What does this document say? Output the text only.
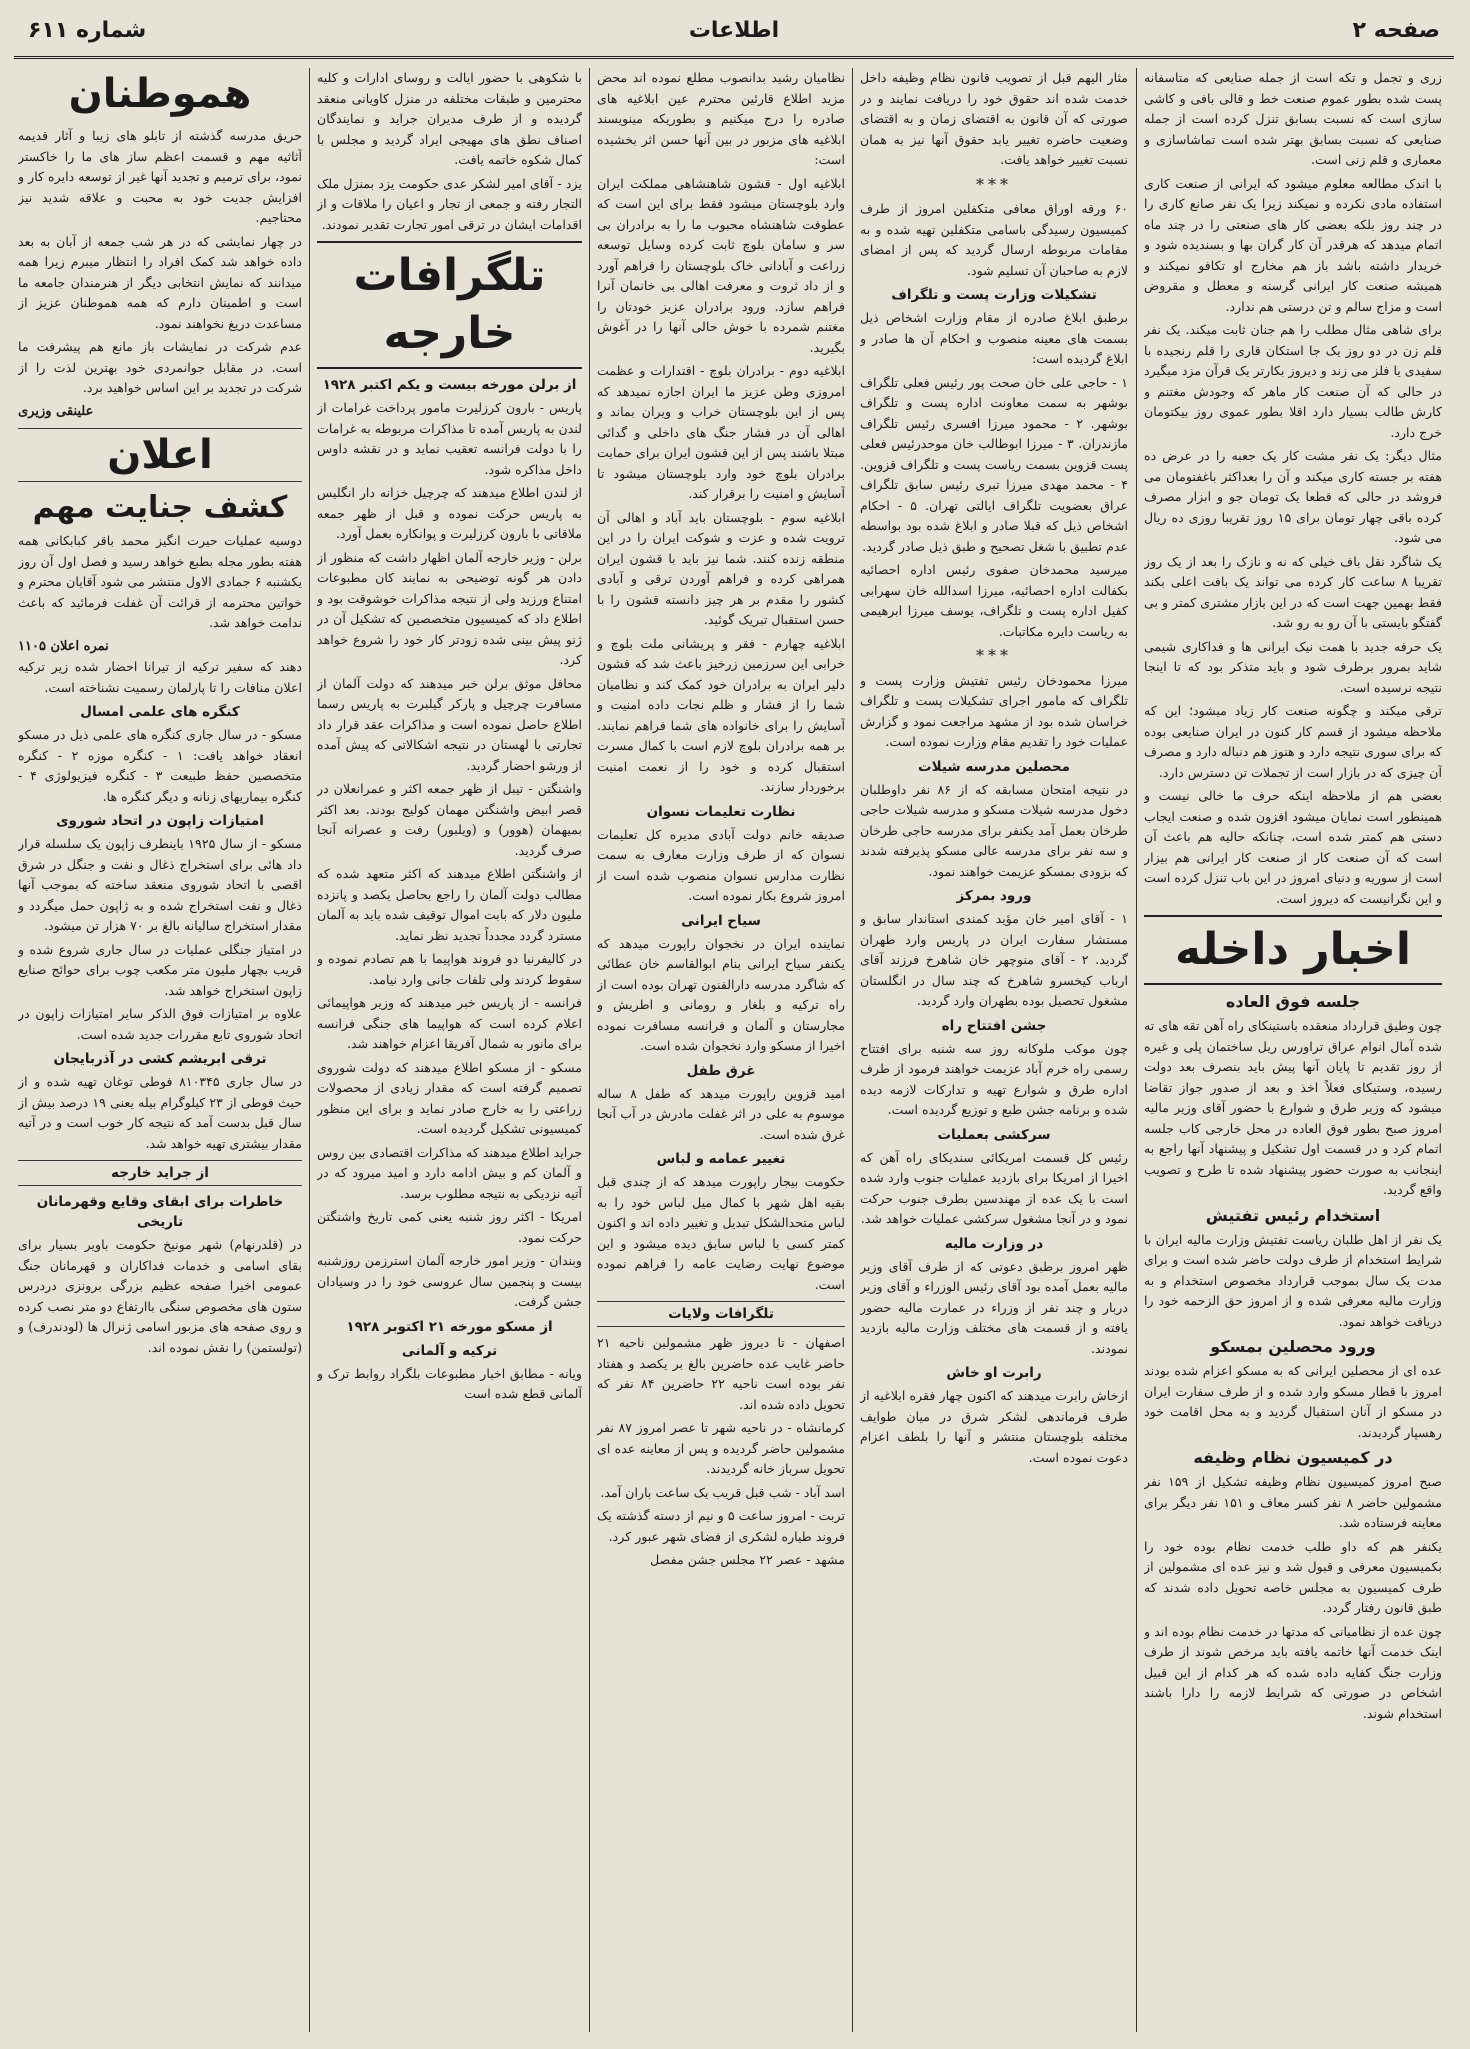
شماره ۶۱۱	اطلاعات	صفحه ۲

زری و تجمل و تکه است از جمله صنایعی که متاسفانه پست شده بطور عموم صنعت خط و قالی بافی و کاشی سازی است که نسبت بسابق تنزل کرده است از جمله صنایعی که نسبت بسابق بهتر شده است تماشاسازی و معماری و قلم زنی است.

با اندک مطالعه معلوم میشود که ایرانی از صنعت کاری استفاده مادی نکرده و نمیکند زیرا یک نفر صانع کاری را در چند روز بلکه بعضی کار های صنعتی را در چند ماه اتمام میدهد که هرقدر آن کار گران بها و بسندیده شود و خریدار داشته باشد باز هم مخارج او تکافو نمیکند و همیشه صنعت کار ایرانی گرسنه و معطل و مقروض است و مزاج سالم و تن درستی هم ندارد.

برای شاهی مثال مطلب را هم جنان ثابت میکند. یک نفر قلم زن در دو روز یک جا استکان قاری را قلم رنجیده با سفیدی یا فلز می زند و دیروز بکارتر یک قرآن مزد میگیرد در حالی که آن صنعت کار ماهر که وجودش مغتنم و کارش طالب بسیار دارد اقلا بطور عموی روز بیکتومان خرج دارد.

مثال دیگر: یک نفر مشت کار یک جعبه را در عرض ده هفته بر جسته کاری میکند و آن را بعداکثر باغفتومان می فروشد در حالی که قطعا یک تومان جو و ابزار مصرف کرده باقی چهار تومان برای ۱۵ روز تقریبا روزی ده ریال می شود.

یک شاگرد نقل باف خیلی که نه و نازک را بعد از یک روز تقریبا ۸ ساعت کار کرده می تواند یک بافت اعلی بکند فقط بهمین جهت است که در این بازار مشتری کمتر و بی گفتگو بایستی با آن رو به رو شد.

یک حرفه جدید با همت نیک ایرانی ها و فداکاری شیمی شاید بمرور برطرف شود و باید متذکر بود که تا اینجا نتیجه نرسیده است.

ترقی میکند و چگونه صنعت کار زیاد میشود؛ این که ملاحظه میشود از قسم کار کنون در ایران صنایعی بوده که برای سوری نتیجه دارد و هنوز هم دنباله دارد و مصرف آن چیزی که در بازار است از تجملات تن دسترس دارد.

بعضی هم از ملاحظه اینکه حرف ما خالی نیست و همینطور است نمایان میشود افزون شده و صنعت ایجاب دستی هم کمتر شده است، چنانکه حالیه هم باعث آن است که آن صنعت کار از صنعت کار ایرانی هم بیزار است از سوریه و دنیای امروز در این باب تنزل کرده است و این نگرانیست که دیروز است.

اخبار داخله
جلسه فوق العاده

چون وطیق قرارداد منعقده باستینکای راه آهن تقه های ته شده آمال انوام عراق تراورس ریل ساختمان پلی و غیره از روز تقدیم تا پایان آنها پیش باید بنصرف بعد دولت رسیده، وستیکای فعلاً اخذ و بعد از صدور جواز تقاضا میشود که وزیر طرق و شوارع با حضور آقای وزیر مالیه امروز صبح بطور فوق العاده در محل خارجی کاب جلسه اتمام کرد و در قسمت اول تشکیل و پیشنهاد آنها راجع به اینجانب به صورت حضور پیشنهاد شده تا طرح و تصویب واقع گردید.

استخدام رئیس تفتیش

یک نفر از اهل طلبان ریاست تفتیش وزارت ماليه ایران با شرایط استخدام از طرف دولت حاضر شده است و برای مدت یک سال بموجب قرارداد مخصوص استخدام و به وزارت مالیه معرفی شده و از امروز حق الزحمه خود را دریافت خواهد نمود.

ورود محصلین بمسکو

عده ای از محصلین ایرانی که به مسکو اعزام شده بودند امروز با قطار مسکو وارد شده و از طرف سفارت ایران در مسکو از آنان استقبال گردید و به محل اقامت خود رهسپار گردیدند.

در کمیسیون نظام وظیفه

صبح امروز کمیسیون نظام وظیفه تشکیل از ۱۵۹ نفر مشمولین حاضر ۸ نفر کسر معاف و ۱۵۱ نفر دیگر برای معاینه فرستاده شد.

یکنفر هم که داو طلب خدمت نظام بوده خود را بکمیسیون معرفی و قبول شد و نیز عده ای مشمولین از طرف کمیسیون به مجلس خاصه تحویل داده شدند که طبق قانون رفتار گردد.

چون عده از نظامیانی که مدتها در خدمت نظام بوده اند و اینک خدمت آنها خاتمه یافته باید مرخص شوند از طرف وزارت جنگ کفایه داده شده که هر کدام از این قبیل اشخاص در صورتی که شرایط لازمه را دارا باشند استخدام شوند.

مثار الیهم قبل از تصویب قانون نظام وظیفه داخل خدمت شده اند حقوق خود را دریافت نمایند و در صورتی که آن قانون به اقتضای زمان و به اقتضای وضعیت حاضره تغییر یابد حقوق آنها نیز به همان نسبت تغییر خواهد یافت.

***

۶۰ ورقه اوراق معافی متکفلین امروز از طرف کمیسیون رسیدگی باسامی متکفلین تهیه شده و به مقامات مربوطه ارسال گردید که پس از امضای لازم به صاحبان آن تسلیم شود.

تشکیلات وزارت پست و تلگراف

برطبق ابلاغ صادره از مقام وزارت اشخاص ذیل بسمت های معینه منصوب و احکام آن ها صادر و ابلاغ گردیده است:

۱ - حاجی علی خان صحت پور رئیس فعلی تلگراف بوشهر به سمت معاونت اداره پست و تلگراف بوشهر. ۲ - محمود میرزا افسری رئیس تلگراف مازندران. ۳ - میرزا ابوطالب خان موحدرئیس فعلی پست قزوین بسمت ریاست پست و تلگراف قزوین. ۴ - محمد مهدی میرزا تبری رئیس سابق تلگراف عراق بعضویت تلگراف ایالتی تهران. ۵ - احکام اشخاص ذیل که قبلا صادر و ابلاغ شده بود بواسطه عدم تطبیق با شغل تصحیح و طبق ذیل صادر گردید.

میرسید محمدخان صفوی رئیس اداره احصائیه بکفالت اداره احصائیه، میرزا اسدالله خان سهرابی کفیل اداره پست و تلگراف، یوسف میرزا ابرهیمی به ریاست دایره مکاتبات.

***

میرزا محمودخان رئیس تفتیش وزارت پست و تلگراف که مامور اجرای تشکیلات پست و تلگراف خراسان شده بود از مشهد مراجعت نمود و گزارش عملیات خود را تقدیم مقام وزارت نموده است.

محصلین مدرسه شیلات

در نتیجه امتحان مسابقه که از ۸۶ نفر داوطلبان دخول مدرسه شیلات مسکو و مدرسه شیلات حاجی طرخان بعمل آمد یکنفر برای مدرسه حاجی طرخان و سه نفر برای مدرسه عالی مسکو پذیرفته شدند که بزودی بمسکو عزیمت خواهند نمود.

ورود بمرکز

۱ - آقای امیر خان مؤید کمندی استاندار سابق و مستشار سفارت ایران در پاریس وارد طهران گردید. ۲ - آقای منوچهر خان شاهرخ فرزند آقای ارباب کیخسرو شاهرخ که چند سال در انگلستان مشغول تحصیل بوده بطهران وارد گردید.

جشن افتتاح راه

چون موکب ملوکانه روز سه شنبه برای افتتاح رسمی راه خرم آباد عزیمت خواهند فرمود از طرف اداره طرق و شوارع تهیه و تدارکات لازمه دیده شده و برنامه جشن طبع و توزیع گردیده است.

سرکشی بعملیات

رئیس کل قسمت امریکائی سندیکای راه آهن که اخیرا از امریکا برای بازدید عملیات جنوب وارد شده است با یک عده از مهندسین بطرف جنوب حرکت نمود و در آنجا مشغول سرکشی عملیات خواهد شد.

در وزارت مالیه

ظهر امروز برطبق دعوتی که از طرف آقای وزیر مالیه بعمل آمده بود آقای رئیس الوزراء و آقای وزیر دربار و چند نفر از وزراء در عمارت مالیه حضور یافته و از قسمت های مختلف وزارت مالیه بازدید نمودند.

رابرت او خاش

ازخاش رابرت میدهند که اکنون چهار فقره ابلاغیه از طرف فرماندهی لشکر شرق در میان طوایف مختلفه بلوچستان منتشر و آنها را بلطف اعزام دعوت نموده است.

نظامیان رشید بدانصوب مطلع نموده اند محض مزید اطلاع قارئین محترم عین ابلاغیه های صادره را درج میکنیم و بطوریکه مینویسند ابلاغیه های مزبور در بین آنها حسن اثر بخشیده است:

ابلاغیه اول - قشون شاهنشاهی مملکت ایران وارد بلوچستان میشود فقط برای این است که عطوفت شاهنشاه محبوب ما را به برادران بی سر و سامان بلوچ ثابت کرده وسایل توسعه زراعت و آبادانی خاک بلوچستان را فراهم آورد و از داد ثروت و معرفت اهالی بی خانمان آنرا فراهم سازد. ورود برادران عزیز خودتان را مغتنم شمرده با خوش حالی آنها را در آغوش بگیرید.

ابلاغیه دوم - برادران بلوچ - اقتدارات و عظمت امروزی وطن عزیز ما ایران اجازه نمیدهد که پس از این بلوچستان خراب و ویران بماند و اهالی آن در فشار جنگ های داخلی و گدائی مبتلا باشند پس از این قشون ایران برای حمایت برادران بلوچ خود وارد بلوچستان میشود تا آسایش و امنیت را برقرار کند.

ابلاغیه سوم - بلوچستان باید آباد و اهالی آن ترویت شده و عزت و شوکت ایران را در این منطقه زنده کنند. شما نیز باید با قشون ایران همراهی کرده و فراهم آوردن ترقی و آبادی کشور را مقدم بر هر چیز دانسته قشون را با حسن استقبال تبریک گوئید.

ابلاغیه چهارم - فقر و پریشانی ملت بلوچ و خرابی این سرزمین زرخیز باعث شد که قشون دلیر ایران به برادران خود کمک کند و نظامیان شما را از فشار و ظلم نجات داده امنیت و آسایش را برای خانواده های شما فراهم نمایند. بر همه برادران بلوچ لازم است با کمال مسرت استقبال کرده و خود را از نعمت امنیت برخوردار سازند.

نظارت تعلیمات نسوان

صدیقه خانم دولت آبادی مدیره کل تعلیمات نسوان که از طرف وزارت معارف به سمت نظارت مدارس نسوان منصوب شده است از امروز شروع بکار نموده است.

سیاح ایرانی

نماینده ایران در نخجوان راپورت میدهد که یکنفر سیاح ایرانی بنام ابوالقاسم خان عطائی که شاگرد مدرسه دارالفنون تهران بوده است از راه ترکیه و بلغار و رومانی و اطریش و مجارستان و آلمان و فرانسه مسافرت نموده اخیرا از مسکو وارد نخجوان شده است.

غرق طفل

امید قزوین راپورت میدهد که طفل ۸ ساله موسوم به علی در اثر غفلت مادرش در آب آنجا غرق شده است.

تغییر عمامه و لباس

حکومت بیجار راپورت میدهد که از چندی قبل بقیه اهل شهر با کمال میل لباس خود را به لباس متحدالشکل تبدیل و تغییر داده اند و اکنون کمتر کسی با لباس سابق دیده میشود و این موضوع نهایت رضایت عامه را فراهم نموده است.

تلگرافات ولایات

اصفهان - تا دیروز ظهر مشمولین ناحیه ۲۱ حاضر غایب عده حاضرین بالغ بر یکصد و هفتاد نفر بوده است ناحیه ۲۲ حاضرین ۸۴ نفر که تحویل داده شده اند.

کرمانشاه - در ناحیه شهر تا عصر امروز ۸۷ نفر مشمولین حاضر گردیده و پس از معاینه عده ای تحویل سرباز خانه گردیدند.

اسد آباد - شب قبل قریب یک ساعت باران آمد.

تربت - امروز ساعت ۵ و نیم از دسته گذشته یک فروند طیاره لشکری از فضای شهر عبور کرد.

مشهد - عصر ۲۲ مجلس جشن مفصل

با شکوهی با حضور ایالت و روسای ادارات و کلیه محترمین و طبقات مختلفه در منزل کاویانی منعقد گردیده و از طرف مدیران جراید و نمایندگان اصناف نطق های مهیجی ایراد گردید و مجلس با کمال شکوه خاتمه یافت.

یزد - آقای امیر لشکر عدی حکومت یزد بمنزل ملک التجار رفته و جمعی از تجار و اعیان را ملاقات و از اقدامات ایشان در ترقی امور تجارت تقدیر نمودند.

تلگرافات خارجه
از برلن مورخه بیست و یکم اکتبر ۱۹۲۸

پاریس - بارون کرزلیرت مامور پرداخت غرامات از لندن به پاریس آمده تا مذاکرات مربوطه به غرامات را با دولت فرانسه تعقیب نماید و در نقشه داوس داخل مذاکره شود.

از لندن اطلاع میدهند که چرچیل خزانه دار انگلیس به پاریس حرکت نموده و قبل از ظهر جمعه ملاقاتی با بارون کرزلیرت و پوانکاره بعمل آورد.

برلن - وزیر خارجه آلمان اظهار داشت که منظور از دادن هر گونه توضیحی به نمایند کان مطبوعات امتناع ورزید ولی از نتیجه مذاکرات خوشوقت بود و اطلاع داد که کمیسیون متخصصین که تشکیل آن در ژنو پیش بینی شده زودتر کار خود را شروع خواهد کرد.

محافل موثق برلن خبر میدهند که دولت آلمان از مسافرت چرچیل و پارکر گیلبرت به پاریس رسما اطلاع حاصل نموده است و مذاکرات عقد قرار داد تجارتی با لهستان در نتیجه اشکالاتی که پیش آمده از ورشو احضار گردید.

واشنگتن - تیبل از ظهر جمعه اکثر و عمرانعلان در قصر ابیض واشنگتن مهمان کولیج بودند. بعد اکثر بمیهمان (هوور) و (ویلبور) رفت و عصرانه آنجا صرف گردید.

از واشنگتن اطلاع میدهند که اکثر متعهد شده که مطالب دولت آلمان را راجع بحاصل یکصد و پانزده ملیون دلار که بابت اموال توقیف شده باید به آلمان مسترد گردد مجدداً تجدید نظر نماید.

در کالیفرنیا دو فروند هواپیما با هم تصادم نموده و سقوط کردند ولی تلفات جانی وارد نیامد.

فرانسه - از پاریس خبر میدهند که وزیر هواپیمائی اعلام کرده است که هواپیما های جنگی فرانسه برای مانور به شمال آفریقا اعزام خواهند شد.

مسکو - از مسکو اطلاع میدهند که دولت شوروی تصمیم گرفته است که مقدار زیادی از محصولات زراعتی را به خارج صادر نماید و برای این منظور کمیسیونی تشکیل گردیده است.

جراید اطلاع میدهند که مذاکرات اقتصادی بین روس و آلمان کم و بیش ادامه دارد و امید میرود که در آتیه نزدیکی به نتیجه مطلوب برسد.

امریکا - اکثر روز شنبه یعنی کمی تاریخ واشنگتن حرکت نمود.

وبندان - وزیر امور خارجه آلمان استرزمن روزشنبه بیست و پنجمین سال عروسی خود را در وسیادان جشن گرفت.

از مسکو مورخه ۲۱ اکتوبر ۱۹۲۸
ترکیه و آلمانی

ویانه - مطابق اخبار مطبوعات بلگراد روابط ترک و آلمانی قطع شده است

هموطنان

حریق مدرسه گذشته از تابلو های زیبا و آثار قدیمه آثاثیه مهم و قسمت اعظم ساز های ما را خاکستر نمود، برای ترمیم و تجدید آنها غیر از توسعه دایره کار و افزایش جدیت خود به محبت و علاقه شدید نیز محتاجیم.

در چهار نمایشی که در هر شب جمعه از آبان به بعد داده خواهد شد کمک افراد را انتظار میبرم زیرا همه میدانند که نمایش انتخابی دیگر از هنرمندان جامعه ما است و اطمینان دارم که همه هموطنان عزیز از مساعدت دریغ نخواهند نمود.

عدم شرکت در نمایشات باز مانع هم پیشرفت ما است. در مقابل جوانمردی خود بهترین لذت را از شرکت در تجدید بر این اساس خواهید برد.

علینقی وزیری
اعلان
کشف جنایت مهم

دوسیه عملیات حیرت انگیز محمد باقر کبابکانی همه هفته بطور مجله بطبع خواهد رسید و فصل اول آن روز یکشنبه ۶ جمادی الاول منتشر می شود آقایان محترم و خواتین محترمه از قرائت آن غفلت فرمائید که باعث ندامت خواهد شد.

نمره اعلان ۱۱۰۵

دهند که سفیر ترکیه از تیرانا احضار شده زیر ترکیه اعلان منافات را تا پارلمان رسمیت نشناخته است.

کنگره های علمی امسال

مسکو - در سال جاری کنگره های علمی ذیل در مسکو انعقاد خواهد یافت: ۱ - کنگره موزه ۲ - کنگره متخصصین حفظ طبیعت ۳ - کنگره فیزیولوژی ۴ - کنگره بیماریهای زنانه و دیگر کنگره ها.

امتیازات زاپون در اتحاد شوروی

مسکو - از سال ۱۹۲۵ باینطرف زاپون یک سلسله قرار داد هائی برای استخراج ذغال و نفت و جنگل در شرق اقصی با اتحاد شوروی منعقد ساخته که بموجب آنها ذغال و نفت استخراج شده و به ژاپون حمل میگردد و مقدار استخراج سالیانه بالغ بر ۷۰ هزار تن میشود.

در امتیاز جنگلی عملیات در سال جاری شروع شده و قریب بچهار ملیون متر مکعب چوب برای حوائج صنایع زاپون استخراج خواهد شد.

علاوه بر امتیازات فوق الذکر سایر امتیازات زاپون در اتحاد شوروی تابع مقررات جدید شده است.

ترقی ابریشم کشی در آذربایجان

در سال جاری ۸۱۰۳۴۵ فوطی توغان تهیه شده و از حیث فوطی از ۲۳ کیلوگرام بیله یعنی ۱۹ درصد بیش از سال قبل بدست آمد که نتیجه کار خوب است و در آتیه مقدار بیشتری تهیه خواهد شد.

از جراید خارجه
خاطرات برای ابقای وقایع وقهرمانان تاریخی

در (قلدرنهام) شهر مونیخ حکومت باویر بسیار برای بقای اسامی و خدمات فداکاران و قهرمانان جنگ عمومی اخیرا صفحه عظیم بزرگی برونزی دردرس ستون های مخصوص سنگی باارتفاع دو متر نصب کرده و روی صفحه های مزبور اسامی ژنرال ها (لودندرف) و (تولستمن) را نقش نموده اند.
